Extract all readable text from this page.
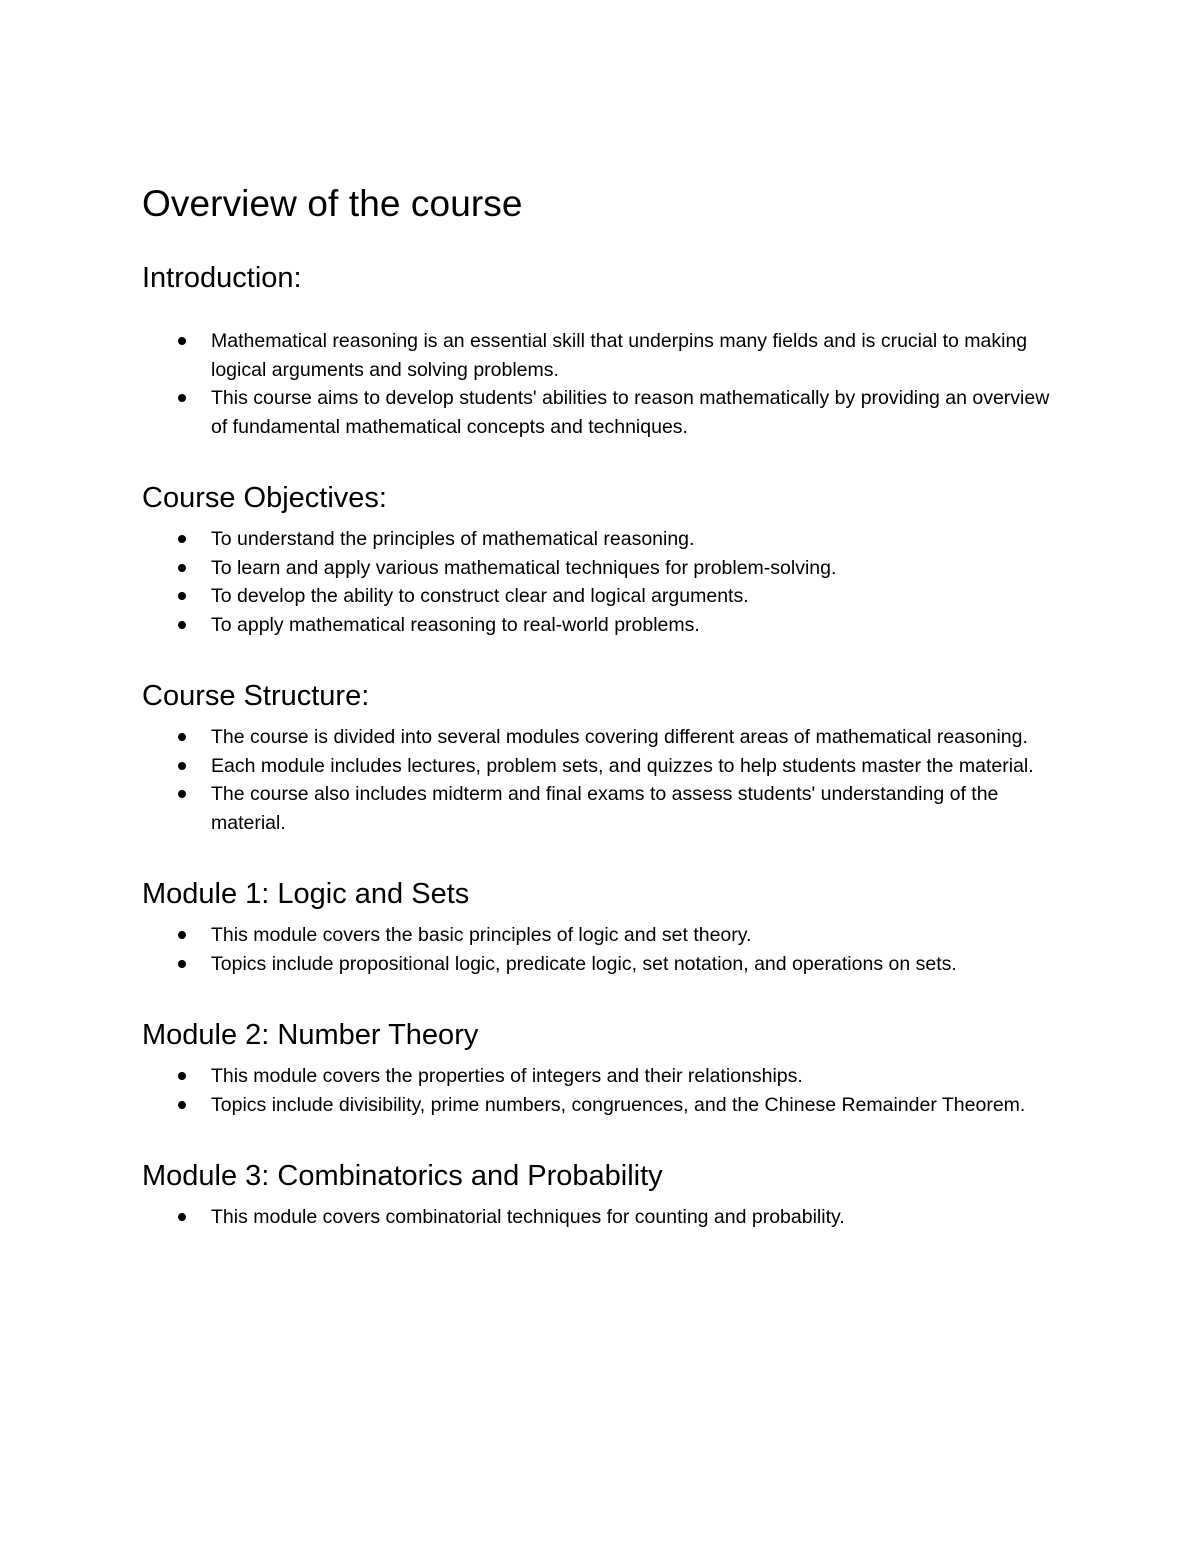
Overview of the course
Introduction:
Mathematical reasoning is an essential skill that underpins many fields and is crucial to making logical arguments and solving problems.
This course aims to develop students' abilities to reason mathematically by providing an overview of fundamental mathematical concepts and techniques.
Course Objectives:
To understand the principles of mathematical reasoning.
To learn and apply various mathematical techniques for problem-solving.
To develop the ability to construct clear and logical arguments.
To apply mathematical reasoning to real-world problems.
Course Structure:
The course is divided into several modules covering different areas of mathematical reasoning.
Each module includes lectures, problem sets, and quizzes to help students master the material.
The course also includes midterm and final exams to assess students' understanding of the material.
Module 1: Logic and Sets
This module covers the basic principles of logic and set theory.
Topics include propositional logic, predicate logic, set notation, and operations on sets.
Module 2: Number Theory
This module covers the properties of integers and their relationships.
Topics include divisibility, prime numbers, congruences, and the Chinese Remainder Theorem.
Module 3: Combinatorics and Probability
This module covers combinatorial techniques for counting and probability.
